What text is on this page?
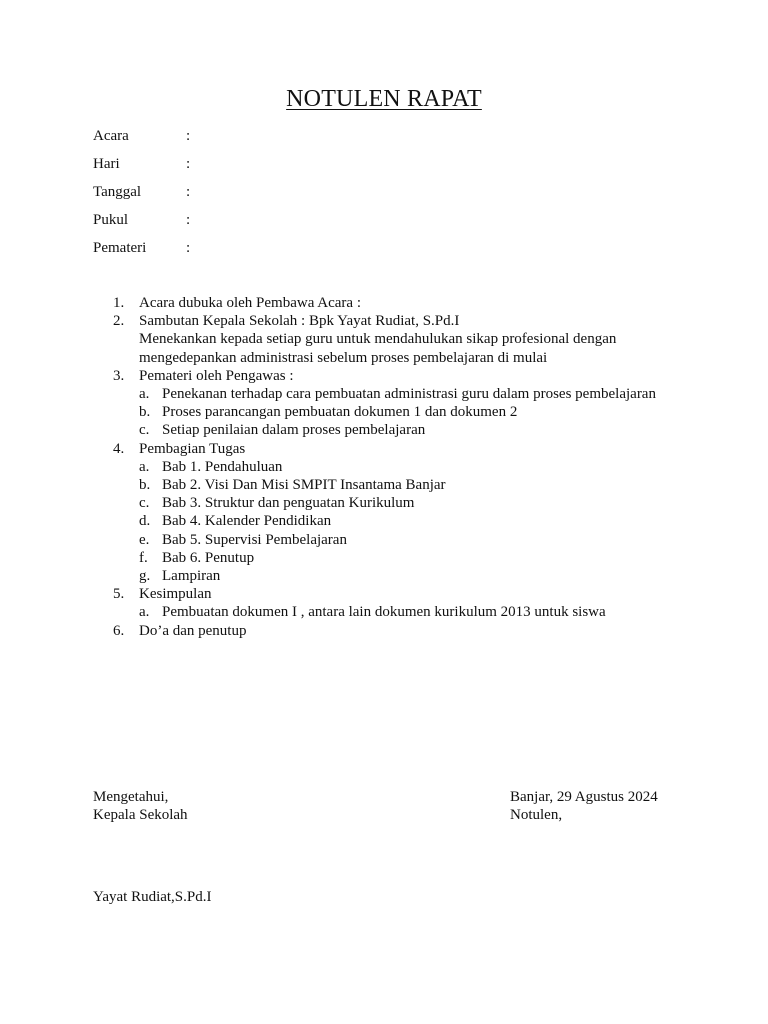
NOTULEN RAPAT
Acara	:
Hari	:
Tanggal	:
Pukul	:
Pemateri	:
1. Acara dubuka oleh Pembawa Acara :
2. Sambutan Kepala Sekolah : Bpk Yayat Rudiat, S.Pd.I
Menekankan kepada setiap guru untuk mendahulukan sikap profesional dengan
mengedepankan administrasi sebelum proses pembelajaran di mulai
3. Pemateri oleh Pengawas :
a. Penekanan terhadap cara pembuatan administrasi guru dalam proses pembelajaran
b. Proses parancangan pembuatan dokumen 1 dan dokumen 2
c. Setiap penilaian dalam proses pembelajaran
4. Pembagian Tugas
a. Bab 1. Pendahuluan
b. Bab 2. Visi Dan Misi SMPIT Insantama Banjar
c. Bab 3. Struktur dan penguatan Kurikulum
d. Bab 4. Kalender Pendidikan
e. Bab 5. Supervisi Pembelajaran
f. Bab 6. Penutup
g. Lampiran
5. Kesimpulan
a. Pembuatan dokumen I , antara lain dokumen kurikulum 2013 untuk siswa
6. Do’a dan penutup
Mengetahui,
Kepala Sekolah
Banjar, 29 Agustus 2024
Notulen,
Yayat Rudiat,S.Pd.I
